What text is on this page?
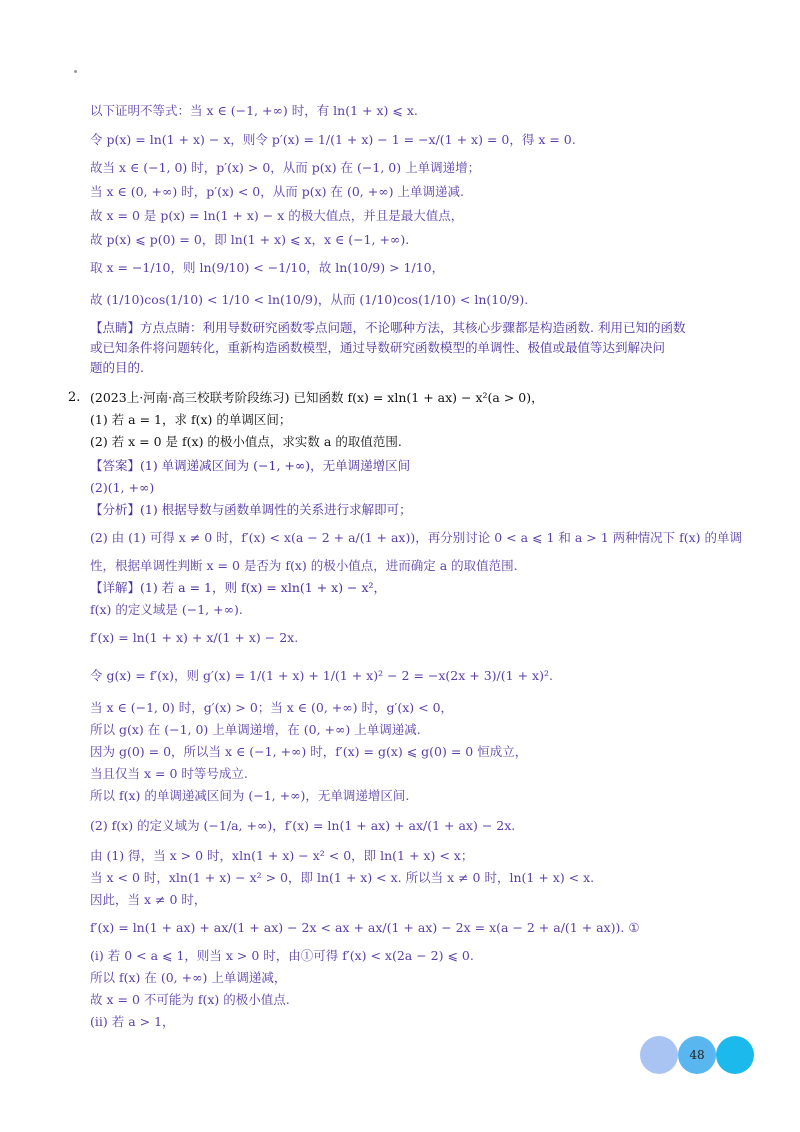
以下证明不等式：当 x ∈ (−1, +∞) 时，有 ln(1 + x) ⩽ x.
令 p(x) = ln(1 + x) − x，则令 p′(x) = 1/(1 + x) − 1 = −x/(1 + x) = 0，得 x = 0.
故当 x ∈ (−1, 0) 时，p′(x) > 0，从而 p(x) 在 (−1, 0) 上单调递增；
当 x ∈ (0, +∞) 时，p′(x) < 0，从而 p(x) 在 (0, +∞) 上单调递减.
故 x = 0 是 p(x) = ln(1 + x) − x 的极大值点，并且是最大值点，
故 p(x) ⩽ p(0) = 0，即 ln(1 + x) ⩽ x，x ∈ (−1, +∞).
取 x = −1/10，则 ln(9/10) < −1/10，故 ln(10/9) > 1/10，
故 (1/10)cos(1/10) < 1/10 < ln(10/9)，从而 (1/10)cos(1/10) < ln(10/9).
【点睛】方点点睛：利用导数研究函数零点问题，不论哪种方法，其核心步骤都是构造函数. 利用已知的函数
或已知条件将问题转化，重新构造函数模型，通过导数研究函数模型的单调性、极值或最值等达到解决问
题的目的.
2. (2023上·河南·高三校联考阶段练习) 已知函数 f(x) = xln(1 + ax) − x²(a > 0)，
(1) 若 a = 1，求 f(x) 的单调区间；
(2) 若 x = 0 是 f(x) 的极小值点，求实数 a 的取值范围.
【答案】(1) 单调递减区间为 (−1, +∞)，无单调递增区间
(2)(1, +∞)
【分析】(1) 根据导数与函数单调性的关系进行求解即可；
(2) 由 (1) 可得 x ≠ 0 时，f′(x) < x(a − 2 + a/(1 + ax))，再分别讨论 0 < a ⩽ 1 和 a > 1 两种情况下 f(x) 的单调
性，根据单调性判断 x = 0 是否为 f(x) 的极小值点，进而确定 a 的取值范围.
【详解】(1) 若 a = 1，则 f(x) = xln(1 + x) − x²，
f(x) 的定义域是 (−1, +∞).
f′(x) = ln(1 + x) + x/(1 + x) − 2x.
令 g(x) = f′(x)，则 g′(x) = 1/(1 + x) + 1/(1 + x)² − 2 = −x(2x + 3)/(1 + x)².
当 x ∈ (−1, 0) 时，g′(x) > 0；当 x ∈ (0, +∞) 时，g′(x) < 0，
所以 g(x) 在 (−1, 0) 上单调递增，在 (0, +∞) 上单调递减.
因为 g(0) = 0，所以当 x ∈ (−1, +∞) 时，f′(x) = g(x) ⩽ g(0) = 0 恒成立，
当且仅当 x = 0 时等号成立.
所以 f(x) 的单调递减区间为 (−1, +∞)，无单调递增区间.
(2) f(x) 的定义域为 (−1/a, +∞)，f′(x) = ln(1 + ax) + ax/(1 + ax) − 2x.
由 (1) 得，当 x > 0 时，xln(1 + x) − x² < 0，即 ln(1 + x) < x；
当 x < 0 时，xln(1 + x) − x² > 0，即 ln(1 + x) < x. 所以当 x ≠ 0 时，ln(1 + x) < x.
因此，当 x ≠ 0 时，
f′(x) = ln(1 + ax) + ax/(1 + ax) − 2x < ax + ax/(1 + ax) − 2x = x(a − 2 + a/(1 + ax)). ①
(ⅰ) 若 0 < a ⩽ 1，则当 x > 0 时，由①可得 f′(x) < x(2a − 2) ⩽ 0.
所以 f(x) 在 (0, +∞) 上单调递减，
故 x = 0 不可能为 f(x) 的极小值点.
(ⅱ) 若 a > 1，
48
